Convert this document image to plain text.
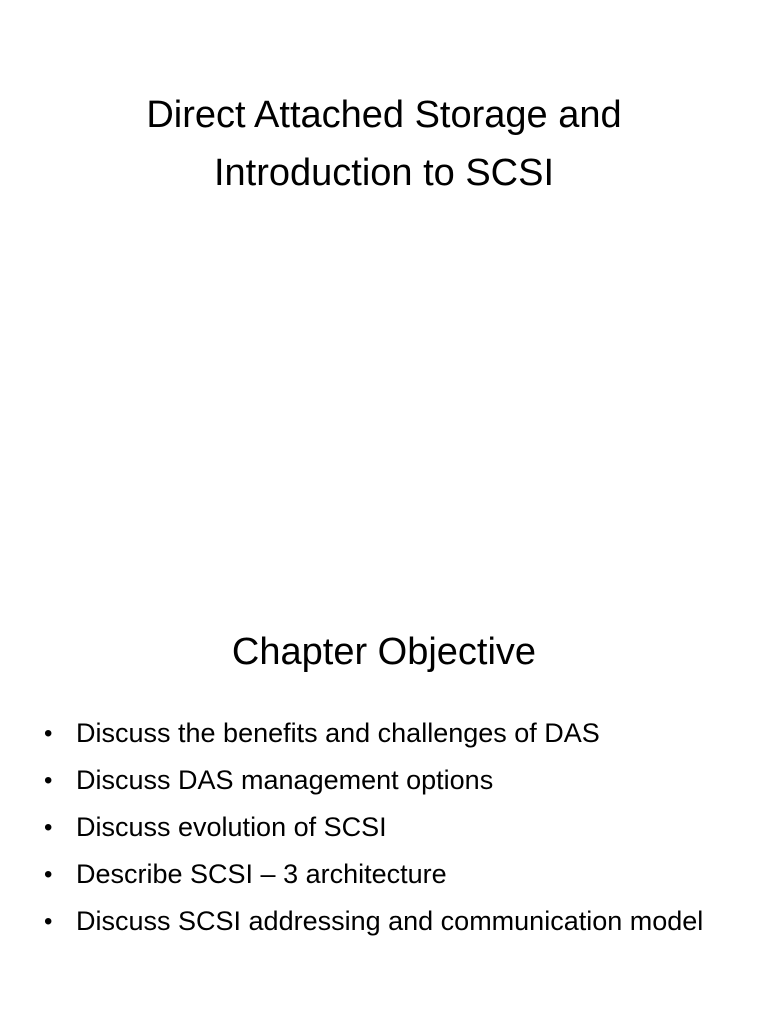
Direct Attached Storage and
Introduction to SCSI
Chapter Objective
• Discuss the benefits and challenges of DAS
• Discuss DAS management options
• Discuss evolution of SCSI
• Describe SCSI – 3 architecture
• Discuss SCSI addressing and communication model
